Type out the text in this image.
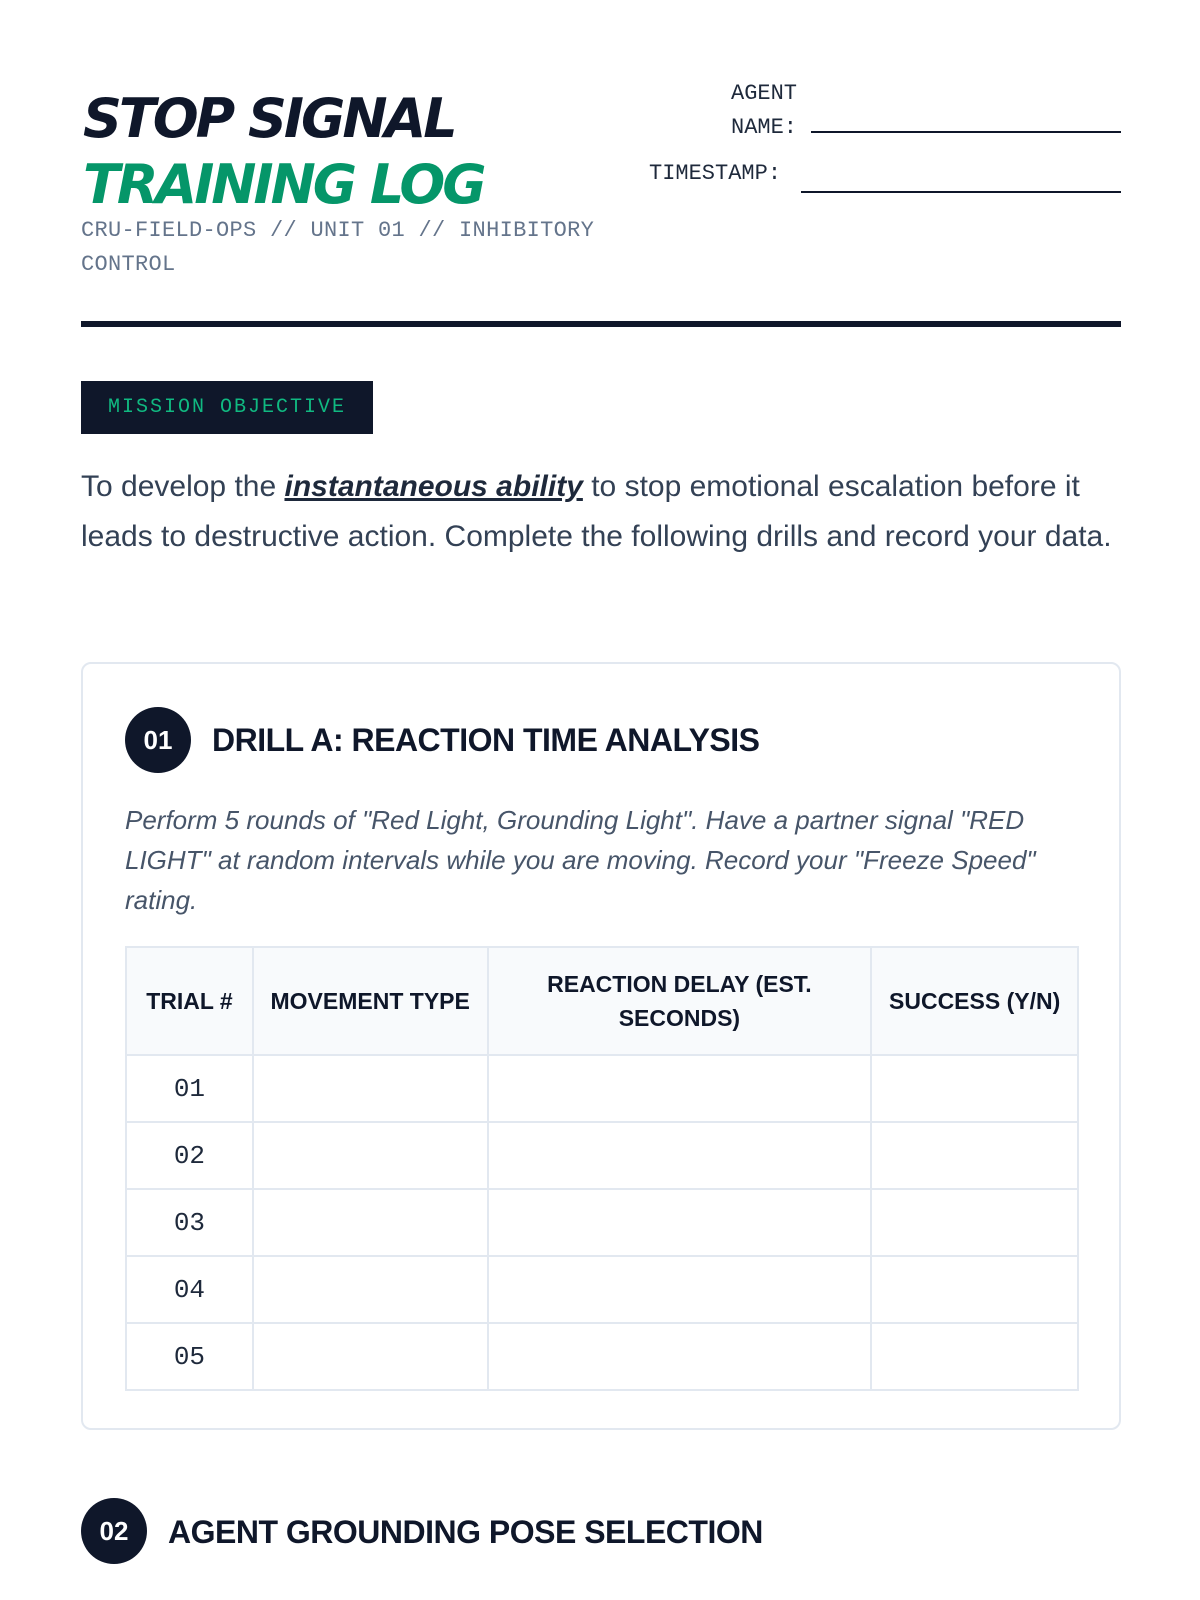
STOP SIGNAL
TRAINING LOG
CRU-FIELD-OPS // UNIT 01 // INHIBITORY CONTROL
AGENT
NAME:
TIMESTAMP:
MISSION OBJECTIVE

To develop the instantaneous ability to stop emotional escalation before it leads to destructive action. Complete the following drills and record your data.

01	DRILL A: REACTION TIME ANALYSIS

Perform 5 rounds of "Red Light, Grounding Light". Have a partner signal "RED LIGHT" at random intervals while you are moving. Record your "Freeze Speed" rating.

TRIAL #	MOVEMENT TYPE	REACTION DELAY (EST. SECONDS)	SUCCESS (Y/N)
01			
02			
03			
04			
05			
02	AGENT GROUNDING POSE SELECTION
